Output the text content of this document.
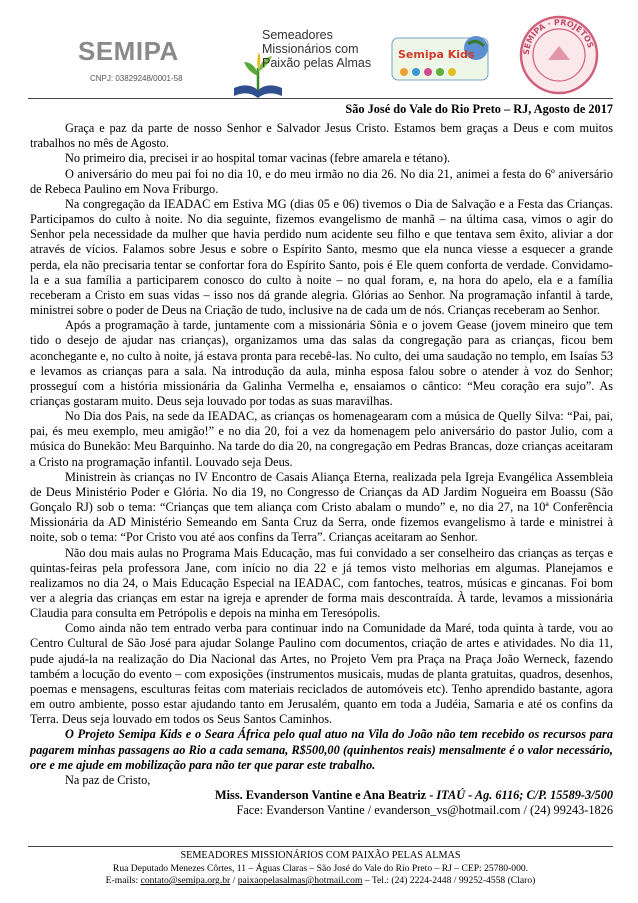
SEMIPA
CNPJ: 03829248/0001-58
Semeadores
Missionários com
Paixão pelas Almas
Semipa Kids	SEMIPA · PROJETOS
São José do Vale do Rio Preto – RJ, Agosto de 2017

Graça e paz da parte de nosso Senhor e Salvador Jesus Cristo. Estamos bem graças a Deus e com muitos trabalhos no mês de Agosto.

No primeiro dia, precisei ir ao hospital tomar vacinas (febre amarela e tétano).

O aniversário do meu pai foi no dia 10, e do meu irmão no dia 26. No dia 21, animei a festa do 6º aniversário de Rebeca Paulino em Nova Friburgo.

Na congregação da IEADAC em Estiva MG (dias 05 e 06) tivemos o Dia de Salvação e a Festa das Crianças. Participamos do culto à noite. No dia seguinte, fizemos evangelismo de manhã – na última casa, vimos o agir do Senhor pela necessidade da mulher que havia perdido num acidente seu filho e que tentava sem êxito, aliviar a dor através de vícios. Falamos sobre Jesus e sobre o Espírito Santo, mesmo que ela nunca viesse a esquecer a grande perda, ela não precisaria tentar se confortar fora do Espírito Santo, pois é Ele quem conforta de verdade. Convidamo-la e a sua família a participarem conosco do culto à noite – no qual foram, e, na hora do apelo, ela e a família receberam a Cristo em suas vidas – isso nos dá grande alegria. Glórias ao Senhor. Na programação infantil à tarde, ministrei sobre o poder de Deus na Criação de tudo, inclusive na de cada um de nós. Crianças receberam ao Senhor.

Após a programação à tarde, juntamente com a missionária Sônia e o jovem Gease (jovem mineiro que tem tido o desejo de ajudar nas crianças), organizamos uma das salas da congregação para as crianças, ficou bem aconchegante e, no culto à noite, já estava pronta para recebê-las. No culto, dei uma saudação no templo, em Isaías 53 e levamos as crianças para a sala. Na introdução da aula, minha esposa falou sobre o atender à voz do Senhor; prosseguí com a história missionária da Galinha Vermelha e, ensaiamos o cântico: “Meu coração era sujo”. As crianças gostaram muito. Deus seja louvado por todas as suas maravilhas.

No Dia dos Pais, na sede da IEADAC, as crianças os homenagearam com a música de Quelly Silva: “Pai, pai, pai, és meu exemplo, meu amigão!” e no dia 20, foi a vez da homenagem pelo aniversário do pastor Julio, com a música do Bunekão: Meu Barquinho. Na tarde do dia 20, na congregação em Pedras Brancas, doze crianças aceitaram a Cristo na programação infantil. Louvado seja Deus.

Ministrein às crianças no IV Encontro de Casais Aliança Eterna, realizada pela Igreja Evangélica Assembleia de Deus Ministério Poder e Glória. No dia 19, no Congresso de Crianças da AD Jardim Nogueira em Boassu (São Gonçalo RJ) sob o tema: “Crianças que tem aliança com Cristo abalam o mundo” e, no dia 27, na 10ª Conferência Missionária da AD Ministério Semeando em Santa Cruz da Serra, onde fizemos evangelismo à tarde e ministrei à noite, sob o tema: “Por Cristo vou até aos confins da Terra”. Crianças aceitaram ao Senhor.

Não dou mais aulas no Programa Mais Educação, mas fui convidado a ser conselheiro das crianças as terças e quintas-feiras pela professora Jane, com início no dia 22 e já temos visto melhorias em algumas. Planejamos e realizamos no dia 24, o Mais Educação Especial na IEADAC, com fantoches, teatros, músicas e gincanas. Foi bom ver a alegria das crianças em estar na igreja e aprender de forma mais descontraída. À tarde, levamos a missionária Claudia para consulta em Petrópolis e depois na minha em Teresópolis.

Como ainda não tem entrado verba para continuar indo na Comunidade da Maré, toda quinta à tarde, vou ao Centro Cultural de São José para ajudar Solange Paulino com documentos, criação de artes e atividades. No dia 11, pude ajudá-la na realização do Dia Nacional das Artes, no Projeto Vem pra Praça na Praça João Werneck, fazendo também a locução do evento – com exposições (instrumentos musicais, mudas de planta gratuitas, quadros, desenhos, poemas e mensagens, esculturas feitas com materiais reciclados de automóveis etc). Tenho aprendido bastante, agora em outro ambiente, posso estar ajudando tanto em Jerusalém, quanto em toda a Judéia, Samaria e até os confins da Terra. Deus seja louvado em todos os Seus Santos Caminhos.

O Projeto Semipa Kids e o Seara África pelo qual atuo na Vila do João não tem recebido os recursos para pagarem minhas passagens ao Rio a cada semana, R$500,00 (quinhentos reais) mensalmente é o valor necessário, ore e me ajude em mobilização para não ter que parar este trabalho.

Na paz de Cristo,

Miss. Evanderson Vantine e Ana Beatriz - ITAÚ - Ag. 6116; C/P. 15589-3/500

Face: Evanderson Vantine / evanderson_vs@hotmail.com / (24) 99243-1826

SEMEADORES MISSIONÁRIOS COM PAIXÃO PELAS ALMAS
Rua Deputado Menezes Côrtes, 11 – Águas Claras – São José do Vale do Rio Preto – RJ – CEP: 25780-000.
E-mails: contato@semipa.org.br / paixaopelasalmas@hotmail.com – Tel.: (24) 2224-2448 / 99252-4558 (Claro)
